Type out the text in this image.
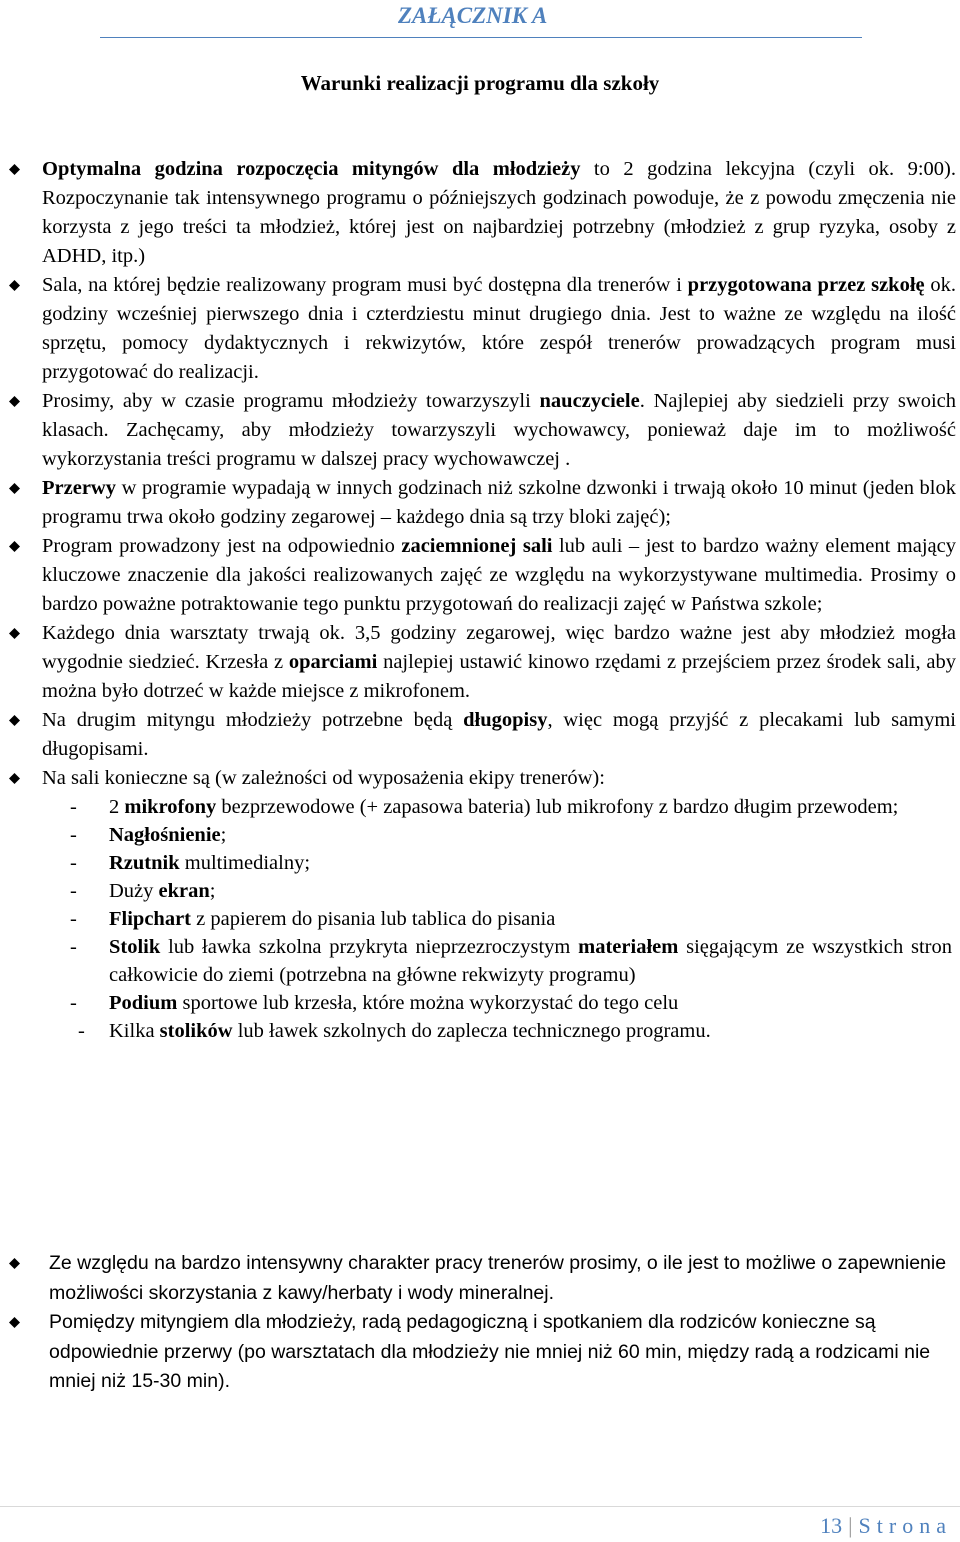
ZAŁĄCZNIK A
Warunki realizacji programu dla szkoły
Optymalna godzina rozpoczęcia mityngów dla młodzieży to 2 godzina lekcyjna (czyli ok. 9:00). Rozpoczynanie tak intensywnego programu o późniejszych godzinach powoduje, że z powodu zmęczenia nie korzysta z jego treści ta młodzież, której jest on najbardziej potrzebny (młodzież z grup ryzyka, osoby z ADHD, itp.)
Sala, na której będzie realizowany program musi być dostępna dla trenerów i przygotowana przez szkołę ok. godziny wcześniej pierwszego dnia i czterdziestu minut drugiego dnia. Jest to ważne ze względu na ilość sprzętu, pomocy dydaktycznych i rekwizytów, które zespół trenerów prowadzących program musi przygotować do realizacji.
Prosimy, aby w czasie programu młodzieży towarzyszyli nauczyciele. Najlepiej aby siedzieli przy swoich klasach. Zachęcamy, aby młodzieży towarzyszyli wychowawcy, ponieważ daje im to możliwość wykorzystania treści programu w dalszej pracy wychowawczej .
Przerwy w programie wypadają w innych godzinach niż szkolne dzwonki i trwają około 10 minut (jeden blok programu trwa około godziny zegarowej – każdego dnia są trzy bloki zajęć);
Program prowadzony jest na odpowiednio zaciemnionej sali lub auli – jest to bardzo ważny element mający kluczowe znaczenie dla jakości realizowanych zajęć ze względu na wykorzystywane multimedia. Prosimy o bardzo poważne potraktowanie tego punktu przygotowań do realizacji zajęć w Państwa szkole;
Każdego dnia warsztaty trwają ok. 3,5 godziny zegarowej, więc bardzo ważne jest aby młodzież mogła wygodnie siedzieć. Krzesła z oparciami najlepiej ustawić kinowo rzędami z przejściem przez środek sali, aby można było dotrzeć w każde miejsce z mikrofonem.
Na drugim mityngu młodzieży potrzebne będą długopisy, więc mogą przyjść z plecakami lub samymi długopisami.
Na sali konieczne są (w zależności od wyposażenia ekipy trenerów):
- 2 mikrofony bezprzewodowe (+ zapasowa bateria) lub mikrofony z bardzo długim przewodem;
- Nagłośnienie;
- Rzutnik multimedialny;
- Duży ekran;
- Flipchart z papierem do pisania lub tablica do pisania
- Stolik lub ławka szkolna przykryta nieprzezroczystym materiałem sięgającym ze wszystkich stron całkowicie do ziemi (potrzebna na główne rekwizyty programu)
- Podium sportowe lub krzesła, które można wykorzystać do tego celu
- Kilka stolików lub ławek szkolnych do zaplecza technicznego programu.
Ze względu na bardzo intensywny charakter pracy trenerów prosimy, o ile jest to możliwe o zapewnienie możliwości skorzystania z kawy/herbaty i wody mineralnej.
Pomiędzy mityngiem dla młodzieży, radą pedagogiczną i spotkaniem dla rodziców konieczne są odpowiednie przerwy (po warsztatach dla młodzieży nie mniej niż 60 min, między radą a rodzicami nie mniej niż 15-30 min).
13 | Strona
